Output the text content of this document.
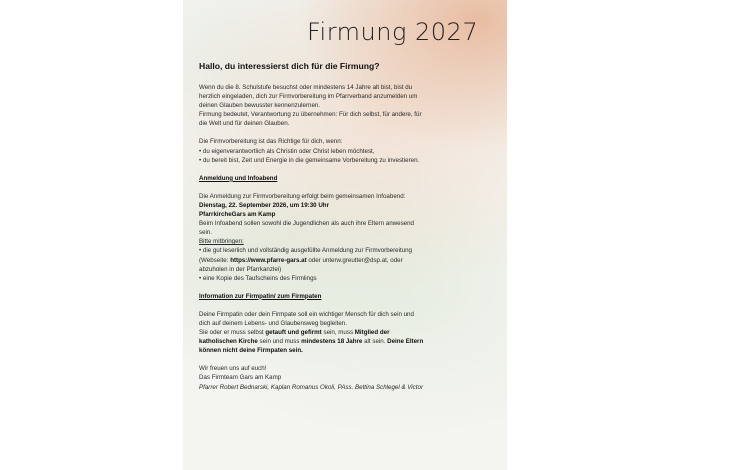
Firmung 2027
Hallo, du interessierst dich für die Firmung?

Wenn du die 8. Schulstufe besuchst oder mindestens 14 Jahre alt bist, bist du

herzlich eingeladen, dich zur Firmvorbereitung im Pfarrverband anzumelden um

deinen Glauben bewusster kennenzulernen.

Firmung bedeutet, Verantwortung zu übernehmen: Für dich selbst, für andere, für

die Welt und für deinen Glauben.

Die Firmvorbereitung ist das Richtige für dich, wenn:

• du eigenverantwortlich als Christin oder Christ leben möchtest,

• du bereit bist, Zeit und Energie in die gemeinsame Vorbereitung zu investieren.

Anmeldung und Infoabend

Die Anmeldung zur Firmvorbereitung erfolgt beim gemeinsamen Infoabend:

Dienstag, 22. September 2026, um 19:30 Uhr

PfarrkircheGars am Kamp

Beim Infoabend sollen sowohl die Jugendlichen als auch ihre Eltern anwesend

sein.

Bitte mitbringen:

• die gut leserlich und vollständig ausgefüllte Anmeldung zur Firmvorbereitung

(Webseite: https://www.pfarre-gars.at oder unterw.greutter@dsp.at, oder

abzuholen in der Pfarrkanzlei)

• eine Kopie des Taufscheins des Firmlings

Information zur Firmpatin/ zum Firmpaten

Deine Firmpatin oder dein Firmpate soll ein wichtiger Mensch für dich sein und

dich auf deinem Lebens- und Glaubensweg begleiten.

Sie oder er muss selbst getauft und gefirmt sein, muss Mitglied der

katholischen Kirche sein und muss mindestens 18 Jahre alt sein. Deine Eltern

können nicht deine Firmpaten sein.

Wir freuen uns auf euch!

Das Firmteam Gars am Kamp

Pfarrer Robert Bednarski, Kaplan Romanus Okoli, PAss. Bettina Schlegel & Victor
